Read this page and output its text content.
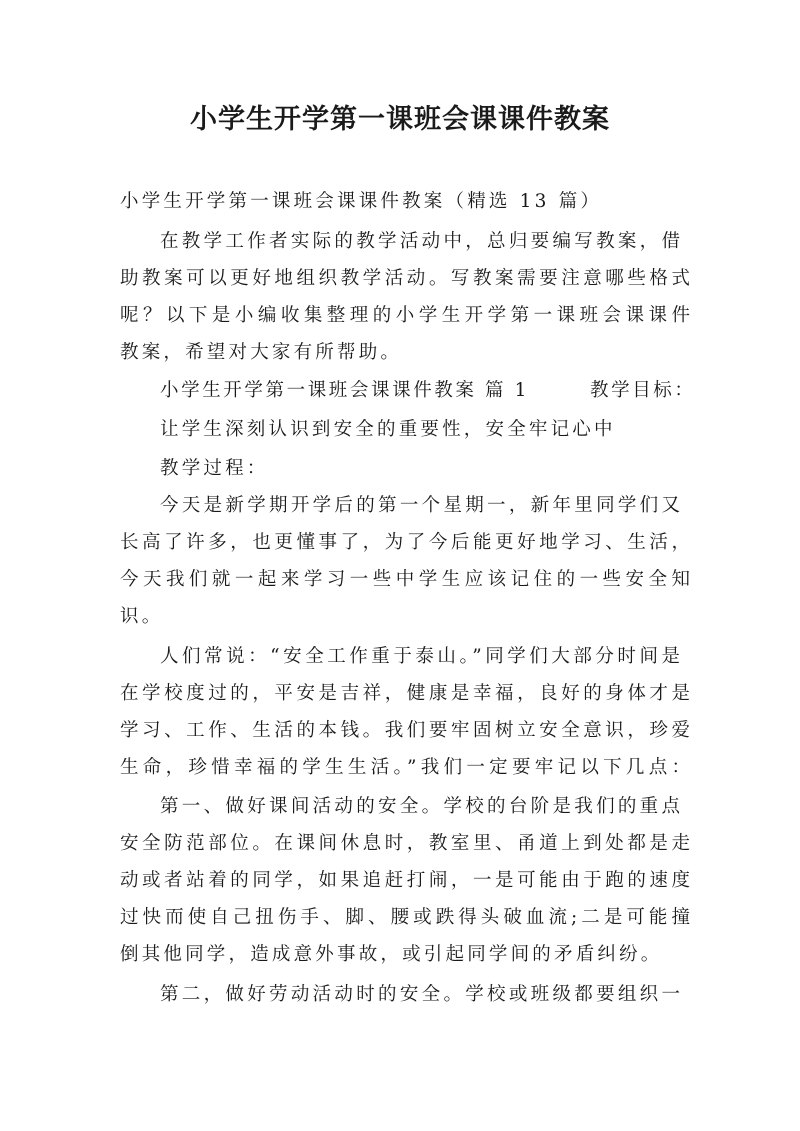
小学生开学第一课班会课课件教案
小学生开学第一课班会课课件教案（精选 13 篇）
在教学工作者实际的教学活动中，总归要编写教案，借
助教案可以更好地组织教学活动。写教案需要注意哪些格式
呢？以下是小编收集整理的小学生开学第一课班会课课件
教案，希望对大家有所帮助。
小学生开学第一课班会课课件教案 篇 1	教学目标：
让学生深刻认识到安全的重要性，安全牢记心中
教学过程：
今天是新学期开学后的第一个星期一，新年里同学们又
长高了许多，也更懂事了，为了今后能更好地学习、生活，
今天我们就一起来学习一些中学生应该记住的一些安全知
识。
人们常说：“安全工作重于泰山。”同学们大部分时间是
在学校度过的，平安是吉祥，健康是幸福，良好的身体才是
学习、工作、生活的本钱。我们要牢固树立安全意识，珍爱
生命，珍惜幸福的学生生活。”我们一定要牢记以下几点：
第一、做好课间活动的安全。学校的台阶是我们的重点
安全防范部位。在课间休息时，教室里、甬道上到处都是走
动或者站着的同学，如果追赶打闹，一是可能由于跑的速度
过快而使自己扭伤手、脚、腰或跌得头破血流;二是可能撞
倒其他同学，造成意外事故，或引起同学间的矛盾纠纷。
第二，做好劳动活动时的安全。学校或班级都要组织一
